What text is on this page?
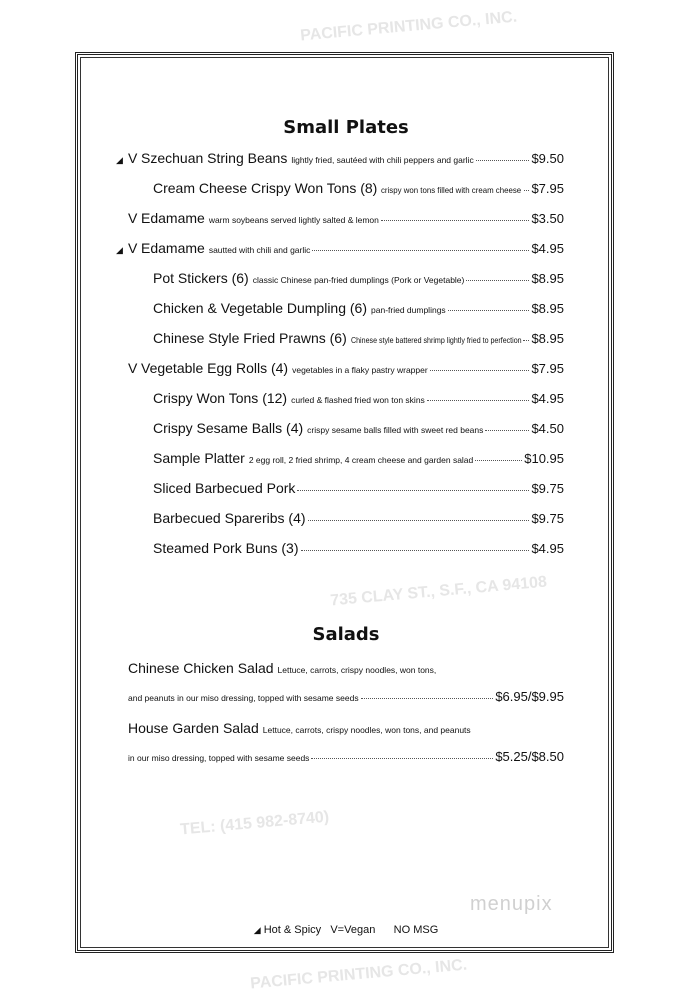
PACIFIC PRINTING CO., INC.
735 CLAY ST., S.F., CA 94108
TEL: (415 982-8740)
PACIFIC PRINTING CO., INC.
Small Plates
◢ V Szechuan String Beans lightly fried, sautéed with chili peppers and garlic	$9.50
Cream Cheese Crispy Won Tons (8) crispy won tons filled with cream cheese $7.95
V Edamame warm soybeans served lightly salted & lemon	$3.50
◢ V Edamame sautted with chili and garlic	$4.95
Pot Stickers (6) classic Chinese pan-fried dumplings (Pork or Vegetable)	$8.95
Chicken & Vegetable Dumpling (6) pan-fried dumplings	$8.95
Chinese Style Fried Prawns (6) Chinese style battered shrimp lightly fried to perfection $8.95
V Vegetable Egg Rolls (4) vegetables in a flaky pastry wrapper	$7.95
Crispy Won Tons (12) curled & flashed fried won ton skins	$4.95
Crispy Sesame Balls (4) crispy sesame balls filled with sweet red beans	$4.50
Sample Platter 2 egg roll, 2 fried shrimp, 4 cream cheese and garden salad	$10.95
Sliced Barbecued Pork	$9.75
Barbecued Spareribs (4)	$9.75
Steamed Pork Buns (3)	$4.95
Salads
Chinese Chicken Salad Lettuce, carrots, crispy noodles, won tons,
and peanuts in our miso dressing, topped with sesame seeds	$6.95/$9.95
House Garden Salad Lettuce, carrots, crispy noodles, won tons, and peanuts
in our miso dressing, topped with sesame seeds	$5.25/$8.50
menupix
◢ Hot & Spicy V=Vegan NO MSG
